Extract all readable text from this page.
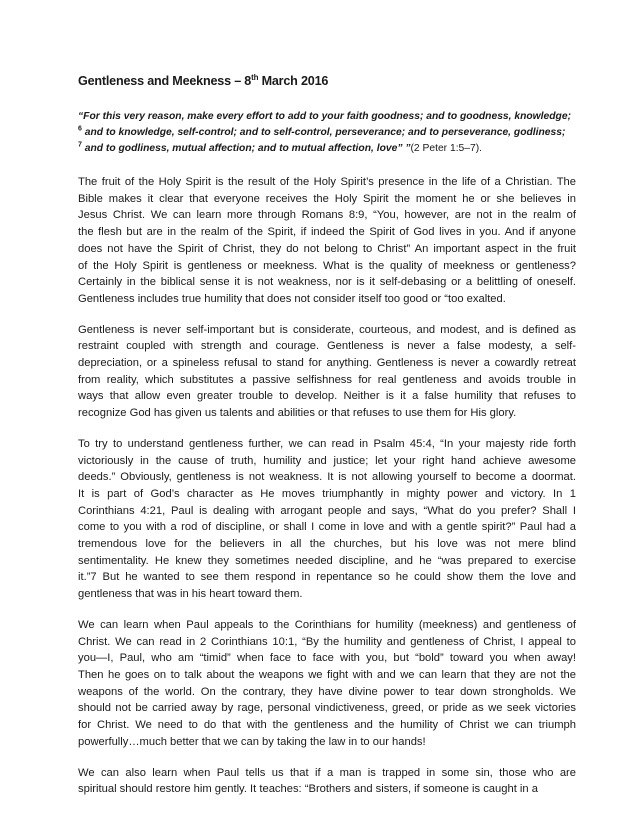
Gentleness and Meekness – 8th March 2016
“For this very reason, make every effort to add to your faith goodness; and to goodness, knowledge;
$^6$ and to knowledge, self-control; and to self-control, perseverance; and to perseverance, godliness;
$^7$ and to godliness, mutual affection; and to mutual affection, love” ”(2 Peter 1:5–7).
The fruit of the Holy Spirit is the result of the Holy Spirit’s presence in the life of a Christian. The
Bible makes it clear that everyone receives the Holy Spirit the moment he or she believes in
Jesus Christ. We can learn more through Romans 8:9, “You, however, are not in the realm of
the flesh but are in the realm of the Spirit, if indeed the Spirit of God lives in you. And if anyone
does not have the Spirit of Christ, they do not belong to Christ” An important aspect in the fruit
of the Holy Spirit is gentleness or meekness. What is the quality of meekness or gentleness?
Certainly in the biblical sense it is not weakness, nor is it self-debasing or a belittling of oneself.
Gentleness includes true humility that does not consider itself too good or “too exalted.
Gentleness is never self-important but is considerate, courteous, and modest, and is defined as
restraint coupled with strength and courage. Gentleness is never a false modesty, a self-
depreciation, or a spineless refusal to stand for anything. Gentleness is never a cowardly retreat
from reality, which substitutes a passive selfishness for real gentleness and avoids trouble in
ways that allow even greater trouble to develop. Neither is it a false humility that refuses to
recognize God has given us talents and abilities or that refuses to use them for His glory.
To try to understand gentleness further, we can read in Psalm 45:4, “In your majesty ride forth
victoriously in the cause of truth, humility and justice; let your right hand achieve awesome
deeds.” Obviously, gentleness is not weakness. It is not allowing yourself to become a doormat.
It is part of God’s character as He moves triumphantly in mighty power and victory. In 1
Corinthians 4:21, Paul is dealing with arrogant people and says, “What do you prefer? Shall I
come to you with a rod of discipline, or shall I come in love and with a gentle spirit?” Paul had a
tremendous love for the believers in all the churches, but his love was not mere blind
sentimentality. He knew they sometimes needed discipline, and he “was prepared to exercise
it.”7 But he wanted to see them respond in repentance so he could show them the love and
gentleness that was in his heart toward them.
We can learn when Paul appeals to the Corinthians for humility (meekness) and gentleness of
Christ. We can read in 2 Corinthians 10:1, “By the humility and gentleness of Christ, I appeal to
you—I, Paul, who am “timid” when face to face with you, but “bold” toward you when away!
Then he goes on to talk about the weapons we fight with and we can learn that they are not the
weapons of the world. On the contrary, they have divine power to tear down strongholds. We
should not be carried away by rage, personal vindictiveness, greed, or pride as we seek victories
for Christ. We need to do that with the gentleness and the humility of Christ we can triumph
powerfully…much better that we can by taking the law in to our hands!
We can also learn when Paul tells us that if a man is trapped in some sin, those who are
spiritual should restore him gently. It teaches: “Brothers and sisters, if someone is caught in a
